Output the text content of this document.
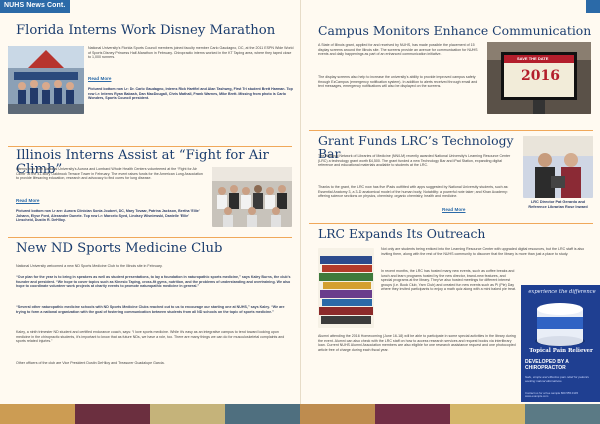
NUHS News Cont.
Florida Interns Work Disney Marathon

National University's Florida Sports Council members joined faculty member Carlo Gaudagno, DC, at the 2011 ESPN Wide World of Sports Disney Princess Half-Marathon in February. Chiropractic interns worked in the KT Taping area, where they taped close to 1,000 runners.

Read More

Pictured bottom row l-r: Dr. Carlo Gaudagno, Interns Rick Hartfiel and Alan Tashweg, First Tri student Brett Harman. Top row l-r: Interns Ryan Babash, Dan MacDougall, Chris Mathall, Frank Warnes, Mike Brett. Missing from photo is Carlo Wonders, Sports Council president.

Illinois Interns Assist at “Fight for Air Climb”

Interns from both National University's Aurora and Lombard Whole Health Centers volunteered at the “Fight for Air Climb” at the 41-story Oakbrook Terrace Tower in February. The event raises funds for the American Lung Association to provide lifesaving education, research and advocacy to find cures for lung disease.

Read More

Pictured bottom row l-r are: Aurora Clinician Sonia Joubert, DC, Mary Tovaar, Patrina Jackson, Bertha 'Ellie' Johann, Elyse Ford, Alexander Dunete. Top row l-r: Marcelo Syed, Lindsey Wisniewski, Danielle 'Ellie' Linscheid, Dustin R. DeHIloy.

New ND Sports Medicine Club

National University welcomed a new ND Sports Medicine Club to the Illinois site in February.

“Our plan for the year is to bring in speakers as well as student presentations, to lay a foundation in naturopathic sports medicine,” says Kaley Burns, the club's founder and president. “We hope to cover topics such as Kinesio Taping, cross-fit gyms, nutrition, and the problems of understanding and overtraining. We also hope to coordinate volunteer work projects at charity events to promote naturopathic medicine in general.”

“Several other naturopathic medicine schools with ND Sports Medicine Clubs reached out to us to encourage our starting one at NUHS,” says Kaley. “We are trying to form a national organization with the goal of fostering communication between students from all ND schools on the topic of sports medicine.”

Kaley, a ninth trimester ND student and certified endurance coach, says: “I love sports medicine. While it's easy as an integrative campus to tend toward looking upon medicine in the chiropractic students, it's important to know that as future NDs, we have a role, too. There are many things we can do for musculoskeletal complaints and sports related injuries.”

Other officers of the club are Vice President Dustin DeHiloy and Treasurer Guadalupe Garcia.

Campus Monitors Enhance Communication

A State of Illinois grant, applied for and received by NUHS, has made possible the placement of 15 display screens around the Illinois site. The screens provide an avenue for communication for NUHS events and daily happenings as part of an enhanced communication initiative.

The display screens also help to increase the university's ability to provide improved campus safety through EzCampus (emergency notification system). In addition to alerts received through email and text messages, emergency notifications will also be displayed on the screens.

SAVE THE DATE
2016
Grant Funds LRC’s Technology Bar

The National Network of Libraries of Medicine (NN/LM) recently awarded National University's Learning Resource Center (LRC) a technology grant worth $4,500. The grant funded a new Technology Bar and iPad Station, expanding digital reference and educational materials available to students at the LRC.

Thanks to the grant, the LRC now has five iPads outfitted with apps suggested by National University students, such as: Essential Anatomy 3, a 3-D anatomical model of the human body; Notability: a powerful note taker; and Khan Academy: offering science sections on physics, chemistry, organic chemistry, health and medicine.

Read More

LRC Director Pat Gerardo and Reference Librarian Rose Inward

LRC Expands Its Outreach

Not only are students being enticed into the Learning Resource Center with upgraded digital resources, but the LRC staff is also inviting them, along with the rest of the NUHS community to discover that the library is more than just a place to study.

In recent months, the LRC has hosted many new events, such as coffee breaks and lunch and learn programs hosted by the new director, brand-new features, and special programs at the library. They've also hosted meetings for different interest groups (i.e. Book Club, Yarn Club) and created fun new events such as Pi (Pie) Day where they invited participants to enjoy a math quiz along with a mini baked pie treat.

Alumni attending the 2016 Homecoming (June 16-18) will be able to participate in some special activities in the library during the event. Alumni can also check with the LRC staff on how to access research services and request books via interlibrary loan. Current NUHS Alumni Association members are also eligible for one research assistance request and one photocopied article free of charge during each fiscal year.

experience the difference
Topical Pain Reliever
DEVELOPED BY A CHIROPRACTOR
Safe, simple and effective pain relief for patients seeking natural alternatives.
Contact us for a free sample 800.555.0145 www.example.com
